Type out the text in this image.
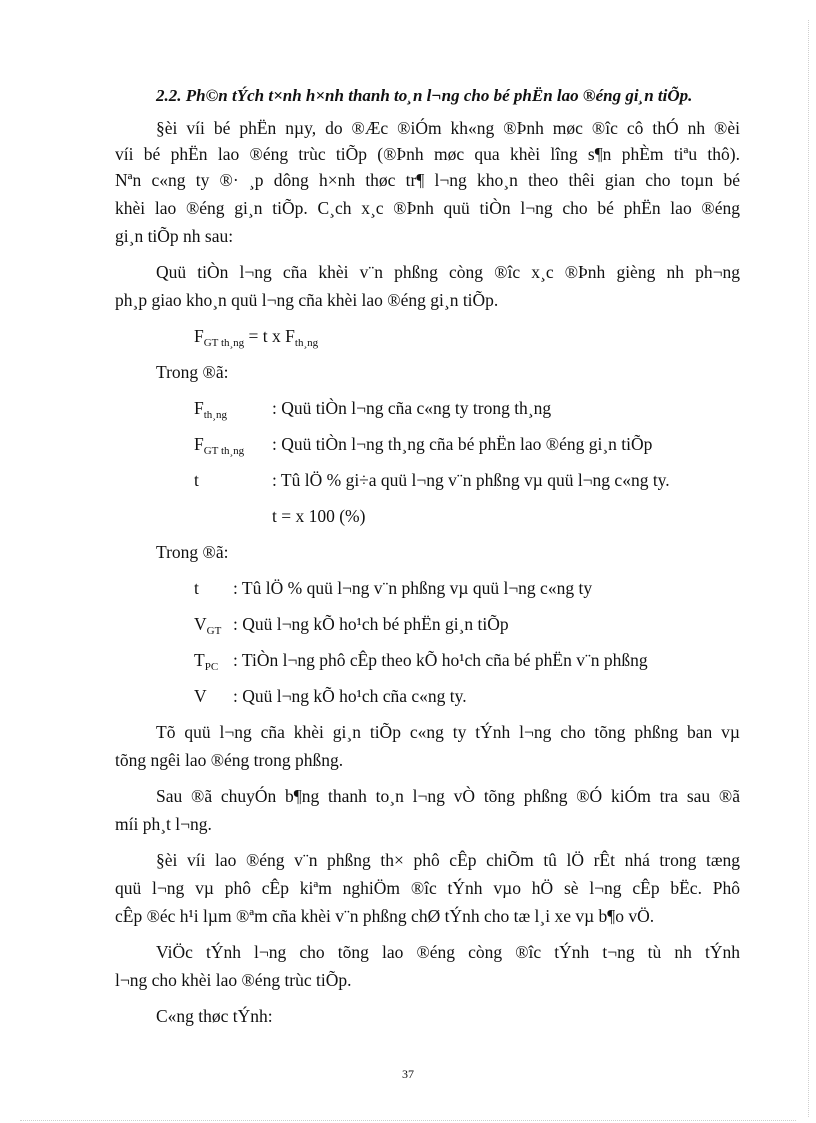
2.2. Ph©n tÝch t×nh h×nh thanh to¸n l¬ng cho bé phËn lao ®éng gi¸n tiÕp.
§èi víi bé phËn nµy, do ®Æc ®iÓm kh«ng ®Þnh møc ®îc cô thÓ nh ®èi
víi bé phËn lao ®éng trùc tiÕp (®Þnh møc qua khèi lîng s¶n phÈm tiªu thô).
Nªn c«ng ty ®· ¸p dông h×nh thøc tr¶ l¬ng kho¸n theo thêi gian cho toµn bé
khèi lao ®éng gi¸n tiÕp. C¸ch x¸c ®Þnh quü tiÒn l¬ng cho bé phËn lao ®éng
gi¸n tiÕp nh sau:
Quü tiÒn l¬ng cña khèi v¨n phßng còng ®îc x¸c ®Þnh gièng nh ph¬ng
ph¸p giao kho¸n quü l¬ng cña khèi lao ®éng gi¸n tiÕp.
$F_{GT th¸ng} = t$ x $F_{th¸ng}$
Trong ®ã:
$F_{th¸ng}$	: Quü tiÒn l¬ng cña c«ng ty trong th¸ng
$F_{GT th¸ng}$ : Quü tiÒn l¬ng th¸ng cña bé phËn lao ®éng gi¸n tiÕp
t	: Tû lÖ % gi÷a quü l¬ng v¨n phßng vµ quü l¬ng c«ng ty.
t = x 100 (%)
Trong ®ã:
t : Tû lÖ % quü l¬ng v¨n phßng vµ quü l¬ng c«ng ty
$V_{GT}$ : Quü l¬ng kÕ ho¹ch bé phËn gi¸n tiÕp
$T_{PC}$ : TiÒn l¬ng phô cÊp theo kÕ ho¹ch cña bé phËn v¨n phßng
V : Quü l¬ng kÕ ho¹ch cña c«ng ty.
Tõ quü l¬ng cña khèi gi¸n tiÕp c«ng ty tÝnh l¬ng cho tõng phßng ban vµ
tõng ngêi lao ®éng trong phßng.
Sau ®ã chuyÓn b¶ng thanh to¸n l¬ng vÒ tõng phßng ®Ó kiÓm tra sau ®ã
míi ph¸t l¬ng.
§èi víi lao ®éng v¨n phßng th× phô cÊp chiÕm tû lÖ rÊt nhá trong tæng
quü l¬ng vµ phô cÊp kiªm nghiÖm ®îc tÝnh vµo hÖ sè l¬ng cÊp bËc. Phô
cÊp ®éc h¹i lµm ®ªm cña khèi v¨n phßng chØ tÝnh cho tæ l¸i xe vµ b¶o vÖ.
ViÖc tÝnh l¬ng cho tõng lao ®éng còng ®îc tÝnh t¬ng tù nh tÝnh
l¬ng cho khèi lao ®éng trùc tiÕp.
C«ng thøc tÝnh:
37
